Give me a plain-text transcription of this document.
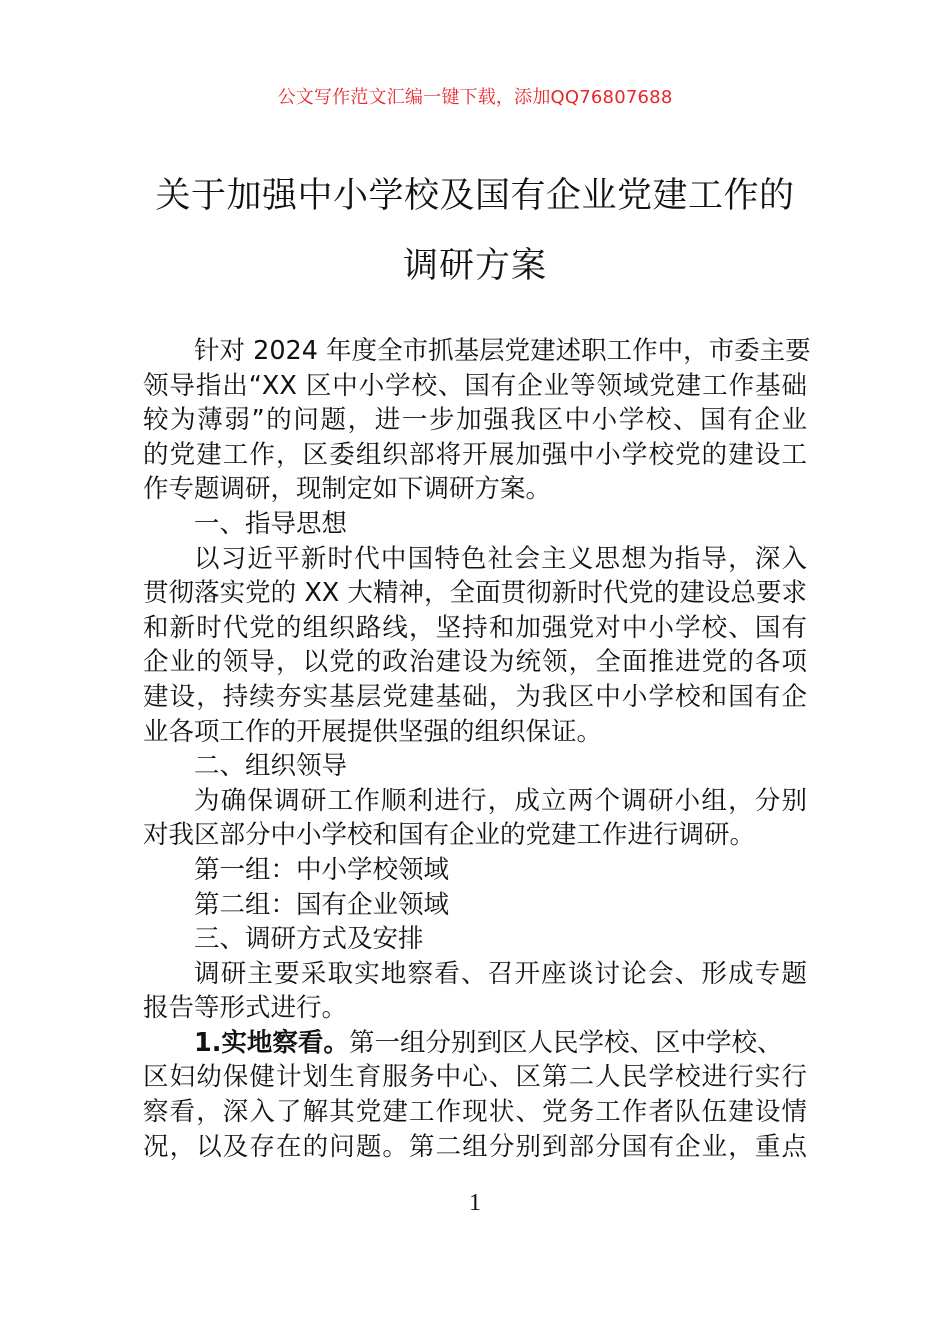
公文写作范文汇编一键下载，添加QQ76807688
关于加强中小学校及国有企业党建工作的
调研方案
针对 2024 年度全市抓基层党建述职工作中，市委主要
领导指出“XX 区中小学校、国有企业等领域党建工作基础
较为薄弱”的问题，进一步加强我区中小学校、国有企业
的党建工作，区委组织部将开展加强中小学校党的建设工
作专题调研，现制定如下调研方案。
一、指导思想
以习近平新时代中国特色社会主义思想为指导，深入
贯彻落实党的 XX 大精神，全面贯彻新时代党的建设总要求
和新时代党的组织路线，坚持和加强党对中小学校、国有
企业的领导，以党的政治建设为统领，全面推进党的各项
建设，持续夯实基层党建基础，为我区中小学校和国有企
业各项工作的开展提供坚强的组织保证。
二、组织领导
为确保调研工作顺利进行，成立两个调研小组，分别
对我区部分中小学校和国有企业的党建工作进行调研。
第一组：中小学校领域
第二组：国有企业领域
三、调研方式及安排
调研主要采取实地察看、召开座谈讨论会、形成专题
报告等形式进行。
1.实地察看。第一组分别到区人民学校、区中学校、
区妇幼保健计划生育服务中心、区第二人民学校进行实行
察看，深入了解其党建工作现状、党务工作者队伍建设情
况，以及存在的问题。第二组分别到部分国有企业，重点
1
